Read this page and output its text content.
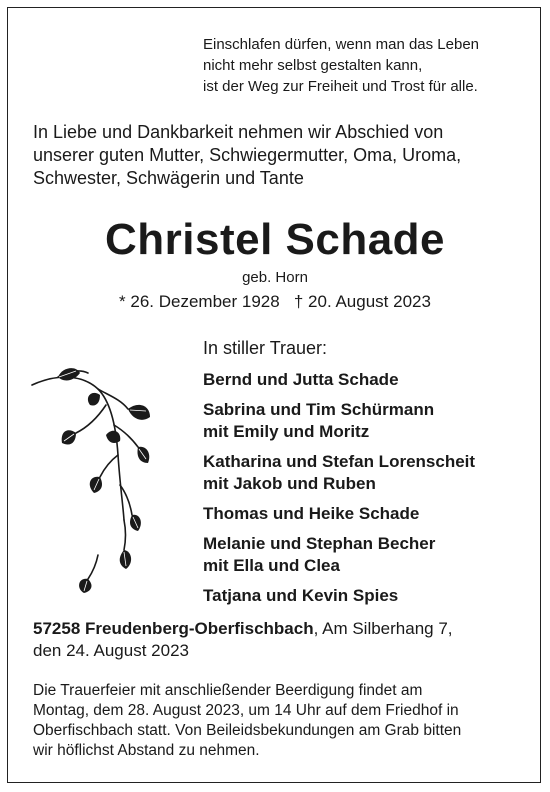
Einschlafen dürfen, wenn man das Leben
nicht mehr selbst gestalten kann,
ist der Weg zur Freiheit und Trost für alle.
In Liebe und Dankbarkeit nehmen wir Abschied von
unserer guten Mutter, Schwiegermutter, Oma, Uroma,
Schwester, Schwägerin und Tante
Christel Schade
geb. Horn
* 26. Dezember 1928   † 20. August 2023
In stiller Trauer:
Bernd und Jutta Schade
Sabrina und Tim Schürmann
mit Emily und Moritz
Katharina und Stefan Lorenscheit
mit Jakob und Ruben
Thomas und Heike Schade
Melanie und Stephan Becher
mit Ella und Clea
Tatjana und Kevin Spies
57258 Freudenberg-Oberfischbach, Am Silberhang 7,
den 24. August 2023
Die Trauerfeier mit anschließender Beerdigung findet am
Montag, dem 28. August 2023, um 14 Uhr auf dem Friedhof in
Oberfischbach statt. Von Beileidsbekundungen am Grab bitten
wir höflichst Abstand zu nehmen.
